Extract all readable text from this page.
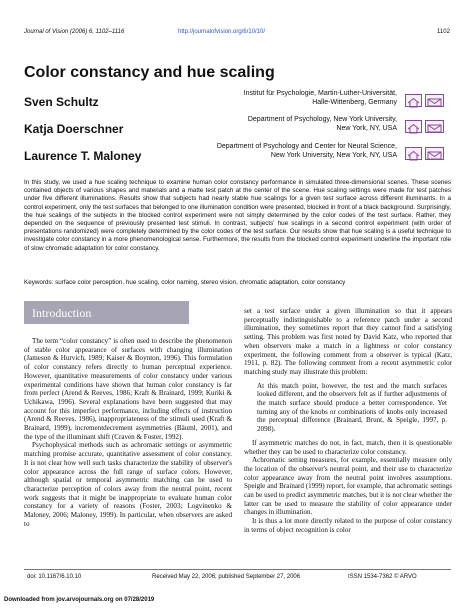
Journal of Vision (2006) 6, 1102–1116	http://journalofvision.org/6/10/10/	1102
Color constancy and hue scaling
Sven Schultz
Institut für Psychologie, Martin-Luther-Universität,
Halle-Wittenberg, Germany
Katja Doerschner
Department of Psychology, New York University,
New York, NY, USA
Laurence T. Maloney
Department of Psychology and Center for Neural Science,
New York University, New York, NY, USA
In this study, we used a hue scaling technique to examine human color constancy performance in simulated three-dimensional scenes. These scenes contained objects of various shapes and materials and a matte test patch at the center of the scene. Hue scaling settings were made for test patches under five different illuminations. Results show that subjects had nearly stable hue scalings for a given test surface across different illuminants. In a control experiment, only the test surfaces that belonged to one illumination condition were presented, blocked in front of a black background. Surprisingly, the hue scalings of the subjects in the blocked control experiment were not simply determined by the color codes of the test surface. Rather, they depended on the sequence of previously presented test stimuli. In contrast, subjects' hue scalings in a second control experiment (with order of presentations randomized) were completely determined by the color codes of the test surface. Our results show that hue scaling is a useful technique to investigate color constancy in a more phenomenological sense. Furthermore, the results from the blocked control experiment underline the important role of slow chromatic adaptation for color constancy.
Keywords: surface color perception, hue scaling, color naming, stereo vision, chromatic adaptation, color constancy
Introduction

The term “color constancy” is often used to describe the phenomenon of stable color appearance of surfaces with changing illumination (Jameson & Hurvich, 1989; Kaiser & Boynton, 1996). This formulation of color constancy refers directly to human perceptual experience. However, quantitative measurements of color constancy under various experimental conditions have shown that human color constancy is far from perfect (Arend & Reeves, 1986; Kraft & Brainard, 1999; Kuriki & Uchikawa, 1996). Several explanations have been suggested that may account for this imperfect performance, including effects of instruction (Arend & Reeves, 1986), inappropriateness of the stimuli used (Kraft & Brainard, 1999), incrementdecrement asymmetries (Bäuml, 2001), and the type of the illuminant shift (Craven & Foster, 1992).

Psychophysical methods such as achromatic settings or asymmetric matching promise accurate, quantitative assessment of color constancy. It is not clear how well such tasks characterize the stability of observer's color appearance across the full range of surface colors. However, although spatial or temporal asymmetric matching can be used to characterize perception of colors away from the neutral point, recent work suggests that it might be inappropriate to evaluate human color constancy for a variety of reasons (Foster, 2003; Logvinenko & Maloney, 2006; Maloney, 1999). In particular, when observers are asked to

set a test surface under a given illumination so that it appears perceptually indistinguishable to a reference patch under a second illumination, they sometimes report that they cannot find a satisfying setting. This problem was first noted by David Katz, who reported that when observers make a match in a lightness or color constancy experiment, the following comment from a observer is typical (Katz, 1911, p. 82). The following comment from a recent asymmetric color matching study may illustrate this problem:

At this match point, however, the test and the match surfaces looked different, and the observers felt as if further adjustments of the match surface should produce a better correspondence. Yet turning any of the knobs or combinations of knobs only increased the perceptual difference (Brainard, Brunt, & Speigle, 1997, p. 2098).

If asymmetric matches do not, in fact, match, then it is questionable whether they can be used to characterize color constancy.

Achromatic setting measures, for example, essentially measure only the location of the observer's neutral point, and their use to characterize color appearance away from the neutral point involves assumptions. Speigle and Brainard (1999) report, for example, that achromatic settings can be used to predict asymmetric matches, but it is not clear whether the latter can be used to measure the stability of color appearance under changes in illumination.

It is thus a lot more directly related to the purpose of color constancy in terms of object recognition is color

doi: 10.1167/6.10.10	Received May 22, 2006; published September 27, 2006	ISSN 1534-7362 © ARVO
Downloaded from jov.arvojournals.org on 07/28/2019
